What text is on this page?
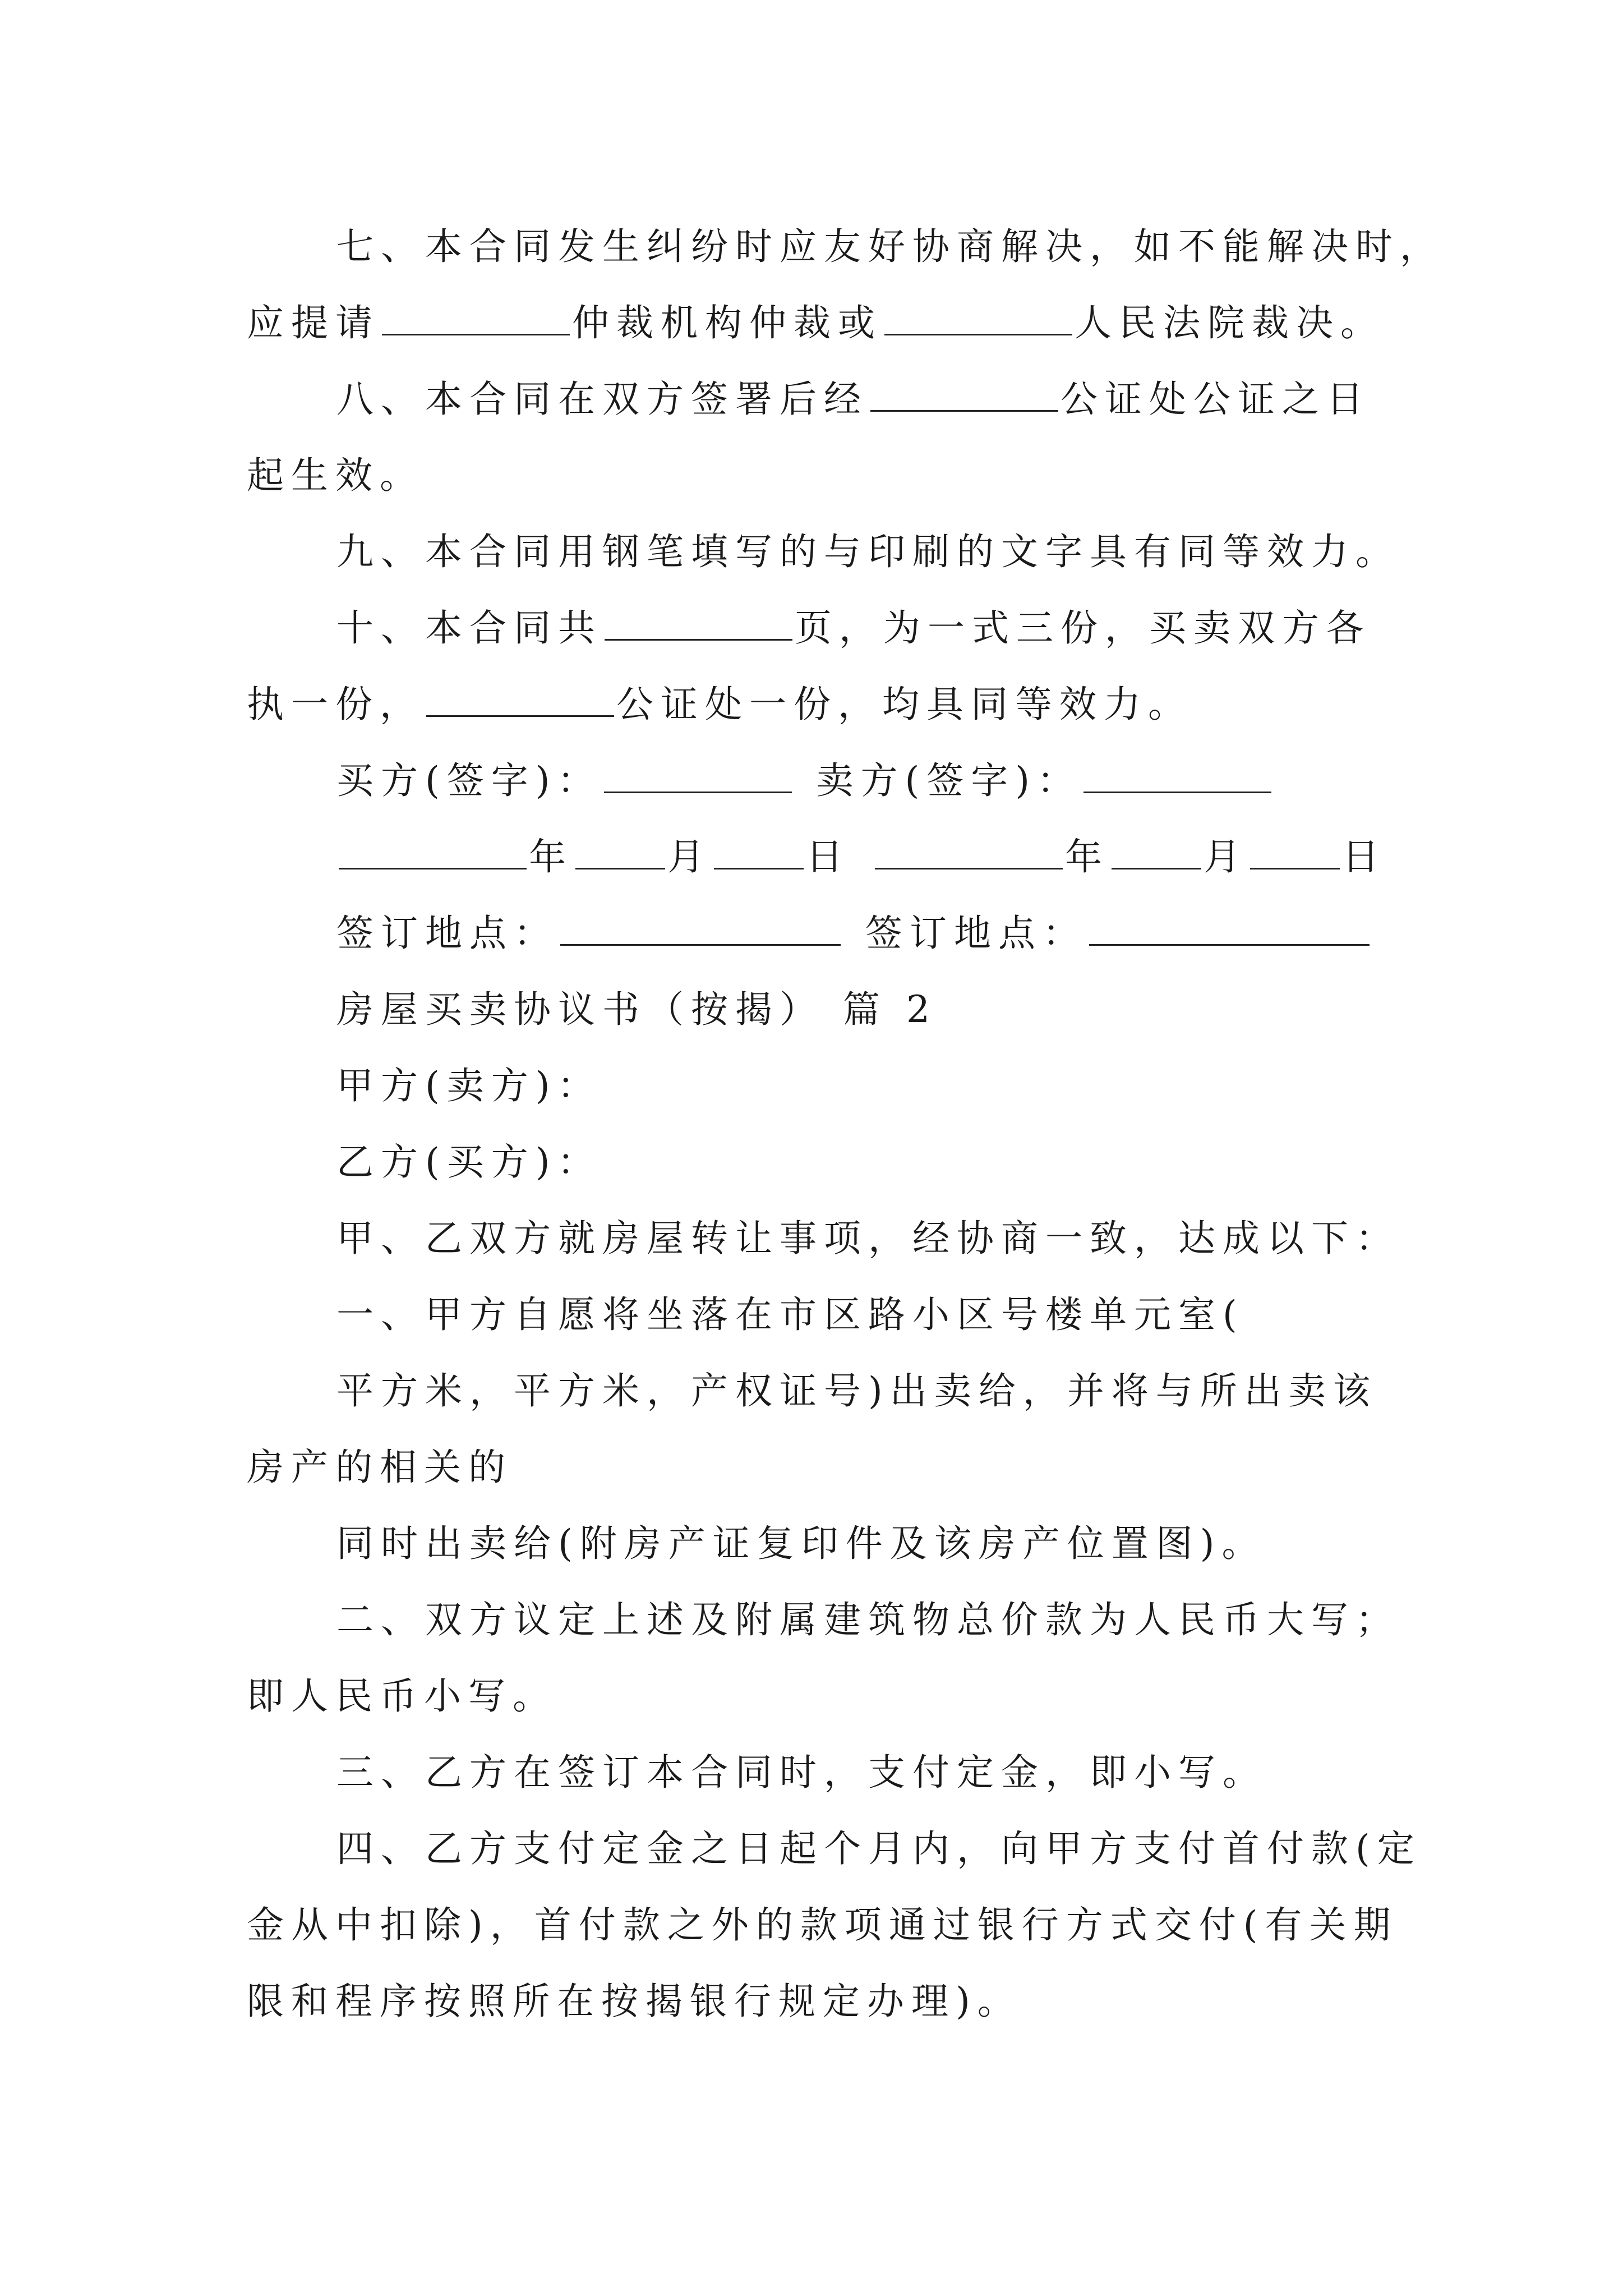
七、本合同发生纠纷时应友好协商解决，如不能解决时，
应提请	仲裁机构仲裁或	人民法院裁决。
八、本合同在双方签署后经	公证处公证之日
起生效。
九、本合同用钢笔填写的与印刷的文字具有同等效力。
十、本合同共	页，为一式三份，买卖双方各
执一份，	公证处一份，均具同等效力。
买方(签字)：	卖方(签字)：
年	月	日	年	月	日
签订地点：	签订地点：
房屋买卖协议书（按揭） 篇 2
甲方(卖方)：
乙方(买方)：
甲、乙双方就房屋转让事项，经协商一致，达成以下：
一、甲方自愿将坐落在市区路小区号楼单元室(
平方米，平方米，产权证号)出卖给，并将与所出卖该
房产的相关的
同时出卖给(附房产证复印件及该房产位置图)。
二、双方议定上述及附属建筑物总价款为人民币大写；
即人民币小写。
三、乙方在签订本合同时，支付定金，即小写。
四、乙方支付定金之日起个月内，向甲方支付首付款(定
金从中扣除)，首付款之外的款项通过银行方式交付(有关期
限和程序按照所在按揭银行规定办理)。
